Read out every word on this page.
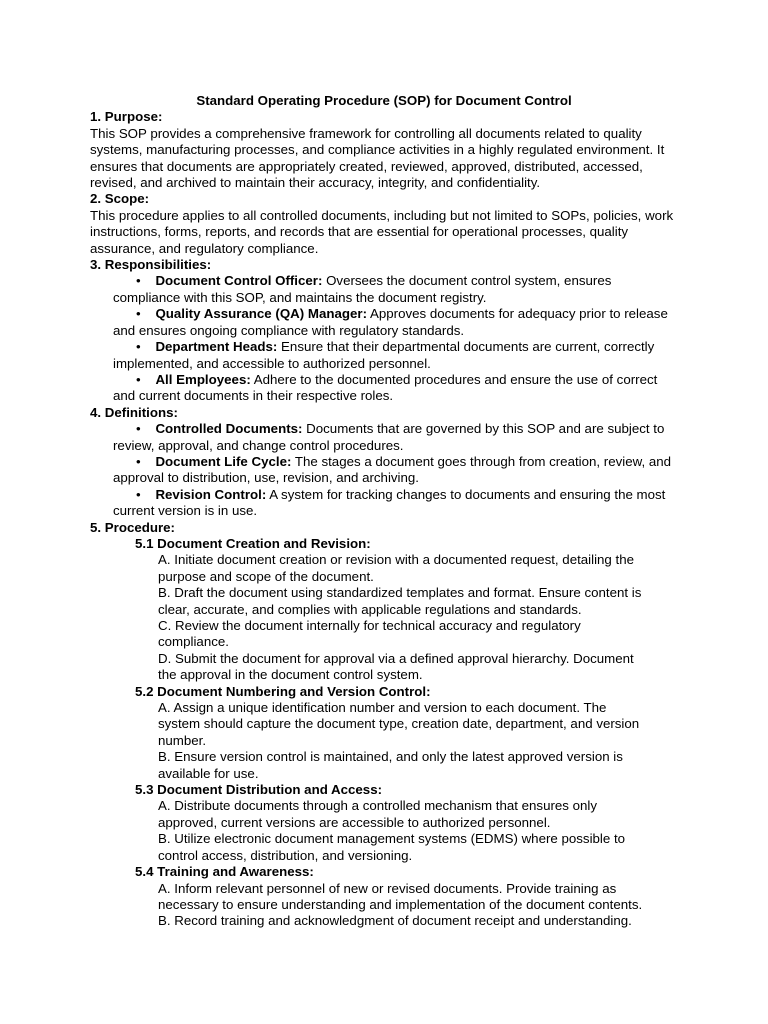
Standard Operating Procedure (SOP) for Document Control

1. Purpose:

This SOP provides a comprehensive framework for controlling all documents related to quality systems, manufacturing processes, and compliance activities in a highly regulated environment. It ensures that documents are appropriately created, reviewed, approved, distributed, accessed, revised, and archived to maintain their accuracy, integrity, and confidentiality.

2. Scope:

This procedure applies to all controlled documents, including but not limited to SOPs, policies, work instructions, forms, reports, and records that are essential for operational processes, quality assurance, and regulatory compliance.

3. Responsibilities:

• Document Control Officer: Oversees the document control system, ensures

compliance with this SOP, and maintains the document registry.

• Quality Assurance (QA) Manager: Approves documents for adequacy prior to release

and ensures ongoing compliance with regulatory standards.

• Department Heads: Ensure that their departmental documents are current, correctly

implemented, and accessible to authorized personnel.

• All Employees: Adhere to the documented procedures and ensure the use of correct

and current documents in their respective roles.

4. Definitions:

• Controlled Documents: Documents that are governed by this SOP and are subject to

review, approval, and change control procedures.

• Document Life Cycle: The stages a document goes through from creation, review, and

approval to distribution, use, revision, and archiving.

• Revision Control: A system for tracking changes to documents and ensuring the most

current version is in use.

5. Procedure:

5.1 Document Creation and Revision:

A. Initiate document creation or revision with a documented request, detailing the

purpose and scope of the document.

B. Draft the document using standardized templates and format. Ensure content is

clear, accurate, and complies with applicable regulations and standards.

C. Review the document internally for technical accuracy and regulatory

compliance.

D. Submit the document for approval via a defined approval hierarchy. Document

the approval in the document control system.

5.2 Document Numbering and Version Control:

A. Assign a unique identification number and version to each document. The

system should capture the document type, creation date, department, and version

number.

B. Ensure version control is maintained, and only the latest approved version is

available for use.

5.3 Document Distribution and Access:

A. Distribute documents through a controlled mechanism that ensures only

approved, current versions are accessible to authorized personnel.

B. Utilize electronic document management systems (EDMS) where possible to

control access, distribution, and versioning.

5.4 Training and Awareness:

A. Inform relevant personnel of new or revised documents. Provide training as

necessary to ensure understanding and implementation of the document contents.

B. Record training and acknowledgment of document receipt and understanding.
